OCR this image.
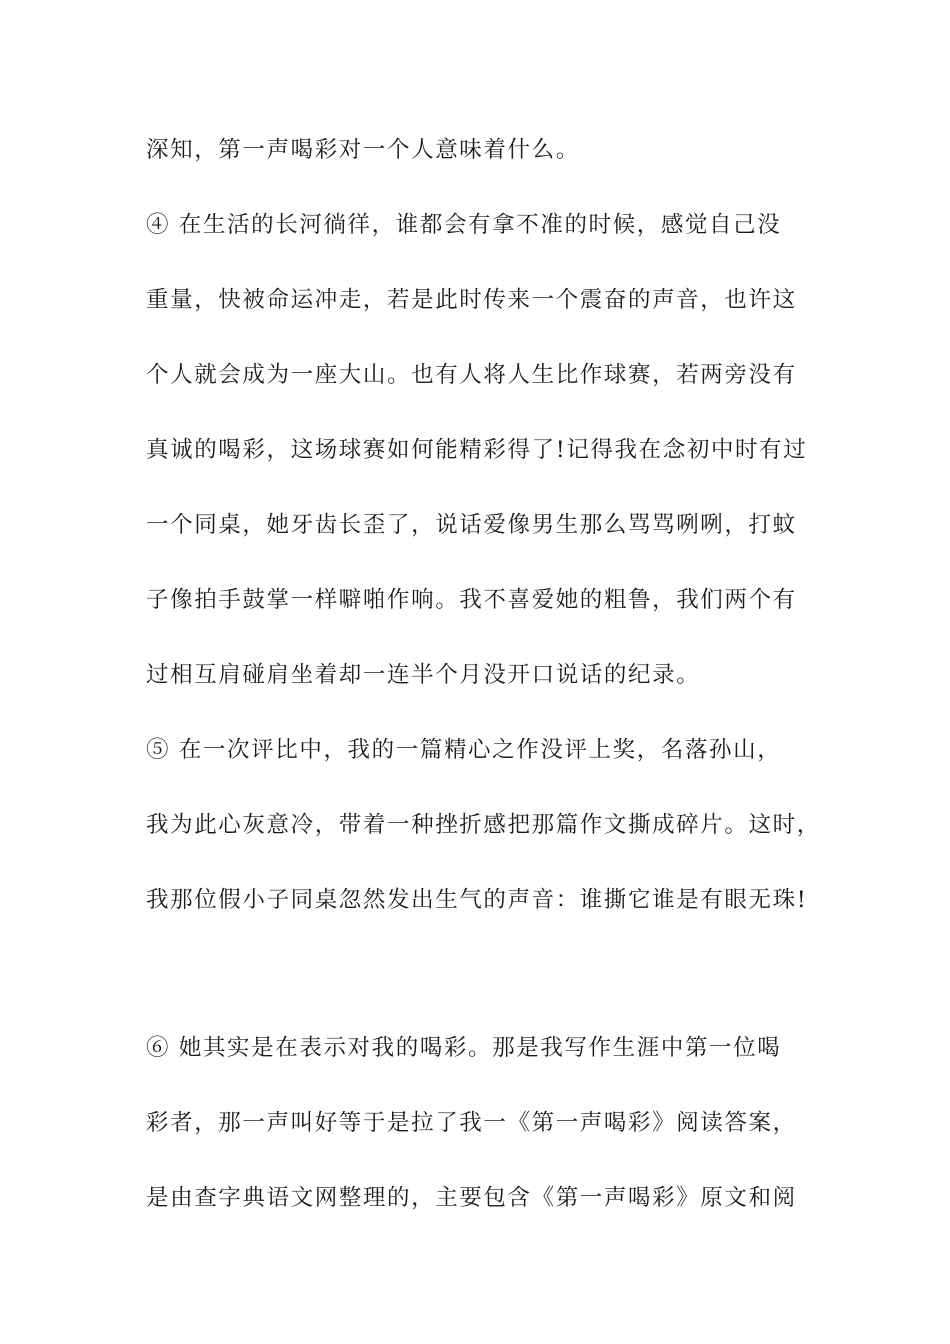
深知，第一声喝彩对一个人意味着什么。
④ 在生活的长河徜徉，谁都会有拿不准的时候，感觉自己没
重量，快被命运冲走，若是此时传来一个震奋的声音，也许这
个人就会成为一座大山。也有人将人生比作球赛，若两旁没有
真诚的喝彩，这场球赛如何能精彩得了!记得我在念初中时有过
一个同桌，她牙齿长歪了，说话爱像男生那么骂骂咧咧，打蚊
子像拍手鼓掌一样噼啪作响。我不喜爱她的粗鲁，我们两个有
过相互肩碰肩坐着却一连半个月没开口说话的纪录。
⑤ 在一次评比中，我的一篇精心之作没评上奖，名落孙山，
我为此心灰意冷，带着一种挫折感把那篇作文撕成碎片。这时，
我那位假小子同桌忽然发出生气的声音：谁撕它谁是有眼无珠!
⑥ 她其实是在表示对我的喝彩。那是我写作生涯中第一位喝
彩者，那一声叫好等于是拉了我一《第一声喝彩》阅读答案，
是由查字典语文网整理的，主要包含《第一声喝彩》原文和阅
